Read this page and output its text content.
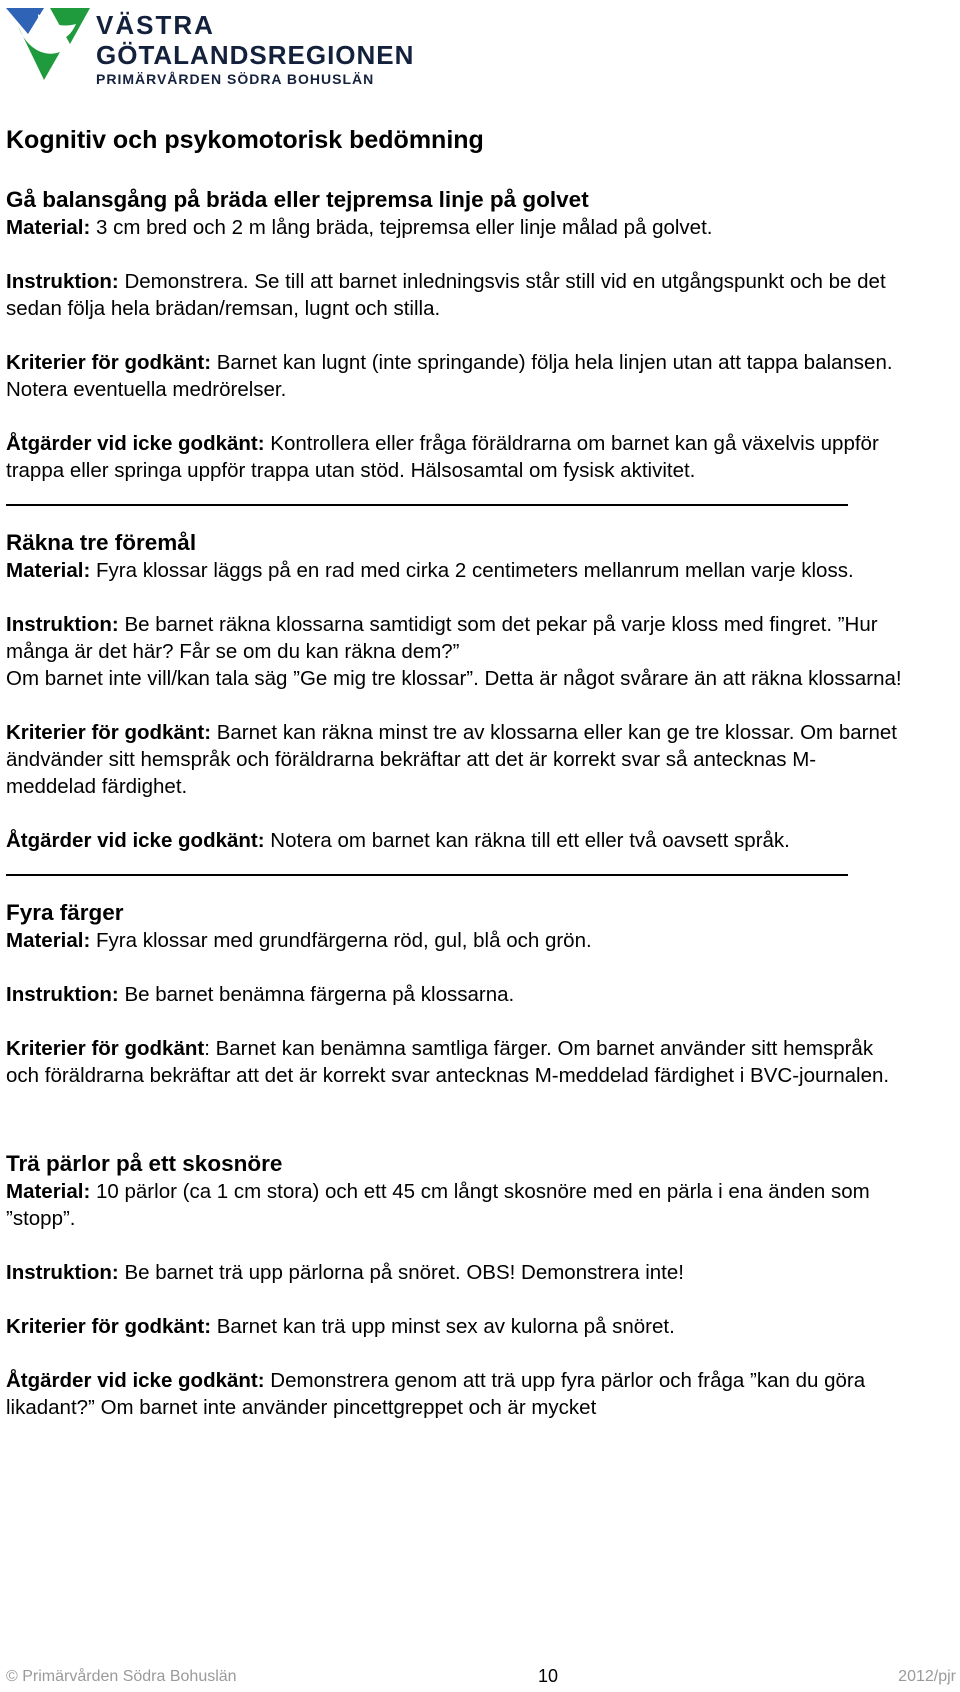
VÄSTRA
GÖTALANDSREGIONEN
PRIMÄRVÅRDEN SÖDRA BOHUSLÄN
Kognitiv och psykomotorisk bedömning
Gå balansgång på bräda eller tejpremsa linje på golvet

Material: 3 cm bred och 2 m lång bräda, tejpremsa eller linje målad på golvet.

Instruktion: Demonstrera. Se till att barnet inledningsvis står still vid en utgångspunkt och be det sedan följa hela brädan/remsan, lugnt och stilla.

Kriterier för godkänt: Barnet kan lugnt (inte springande) följa hela linjen utan att tappa balansen. Notera eventuella medrörelser.

Åtgärder vid icke godkänt: Kontrollera eller fråga föräldrarna om barnet kan gå växelvis uppför trappa eller springa uppför trappa utan stöd. Hälsosamtal om fysisk aktivitet.

Räkna tre föremål

Material: Fyra klossar läggs på en rad med cirka 2 centimeters mellanrum mellan varje kloss.

Instruktion: Be barnet räkna klossarna samtidigt som det pekar på varje kloss med fingret. ”Hur många är det här? Får se om du kan räkna dem?”
Om barnet inte vill/kan tala säg ”Ge mig tre klossar”. Detta är något svårare än att räkna klossarna!

Kriterier för godkänt: Barnet kan räkna minst tre av klossarna eller kan ge tre klossar. Om barnet ändvänder sitt hemspråk och föräldrarna bekräftar att det är korrekt svar så antecknas M- meddelad färdighet.

Åtgärder vid icke godkänt: Notera om barnet kan räkna till ett eller två oavsett språk.

Fyra färger

Material: Fyra klossar med grundfärgerna röd, gul, blå och grön.

Instruktion: Be barnet benämna färgerna på klossarna.

Kriterier för godkänt: Barnet kan benämna samtliga färger. Om barnet använder sitt hemspråk och föräldrarna bekräftar att det är korrekt svar antecknas M-meddelad färdighet i BVC-journalen.

Trä pärlor på ett skosnöre

Material: 10 pärlor (ca 1 cm stora) och ett 45 cm långt skosnöre med en pärla i ena änden som ”stopp”.

Instruktion: Be barnet trä upp pärlorna på snöret. OBS! Demonstrera inte!

Kriterier för godkänt: Barnet kan trä upp minst sex av kulorna på snöret.

Åtgärder vid icke godkänt: Demonstrera genom att trä upp fyra pärlor och fråga ”kan du göra likadant?” Om barnet inte använder pincettgreppet och är mycket

© Primärvården Södra Bohuslän	10	2012/pjr
